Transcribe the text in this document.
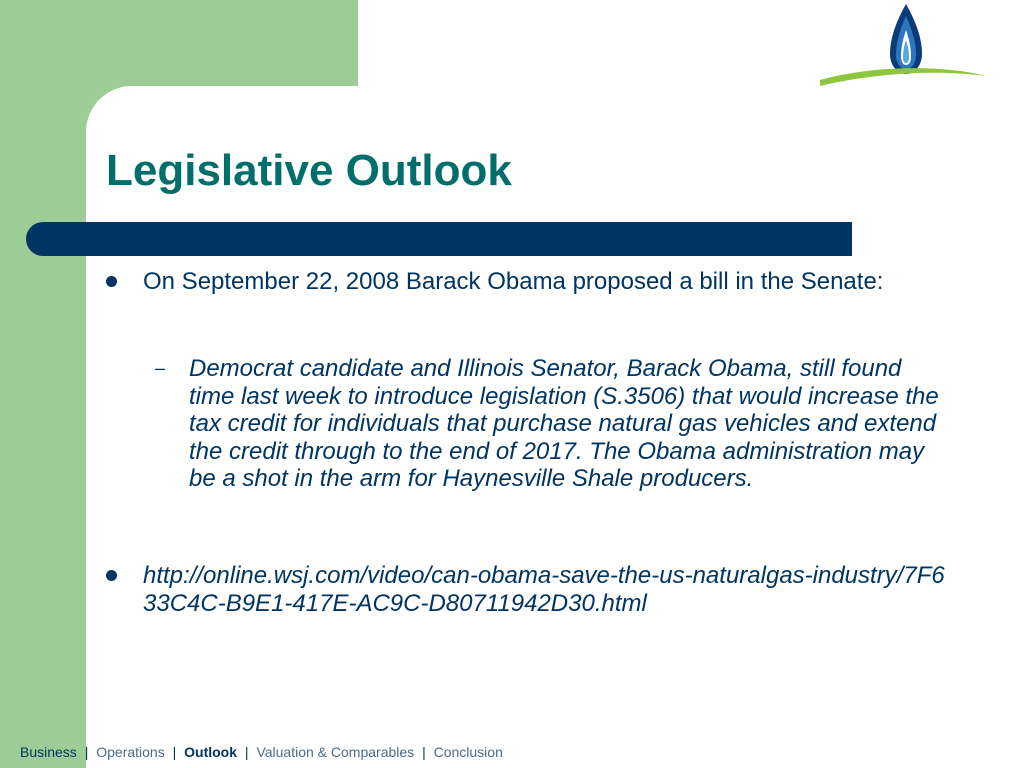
Legislative Outlook
On September 22, 2008 Barack Obama proposed a bill in the Senate:
– Democrat candidate and Illinois Senator, Barack Obama, still found time last week to introduce legislation (S.3506) that would increase the tax credit for individuals that purchase natural gas vehicles and extend the credit through to the end of 2017. The Obama administration may be a shot in the arm for Haynesville Shale producers.
http://online.wsj.com/video/can-obama-save-the-us-naturalgas-industry/7F633C4C-B9E1-417E-AC9C-D80711942D30.html
Business | Operations | Outlook | Valuation & Comparables | Conclusion
